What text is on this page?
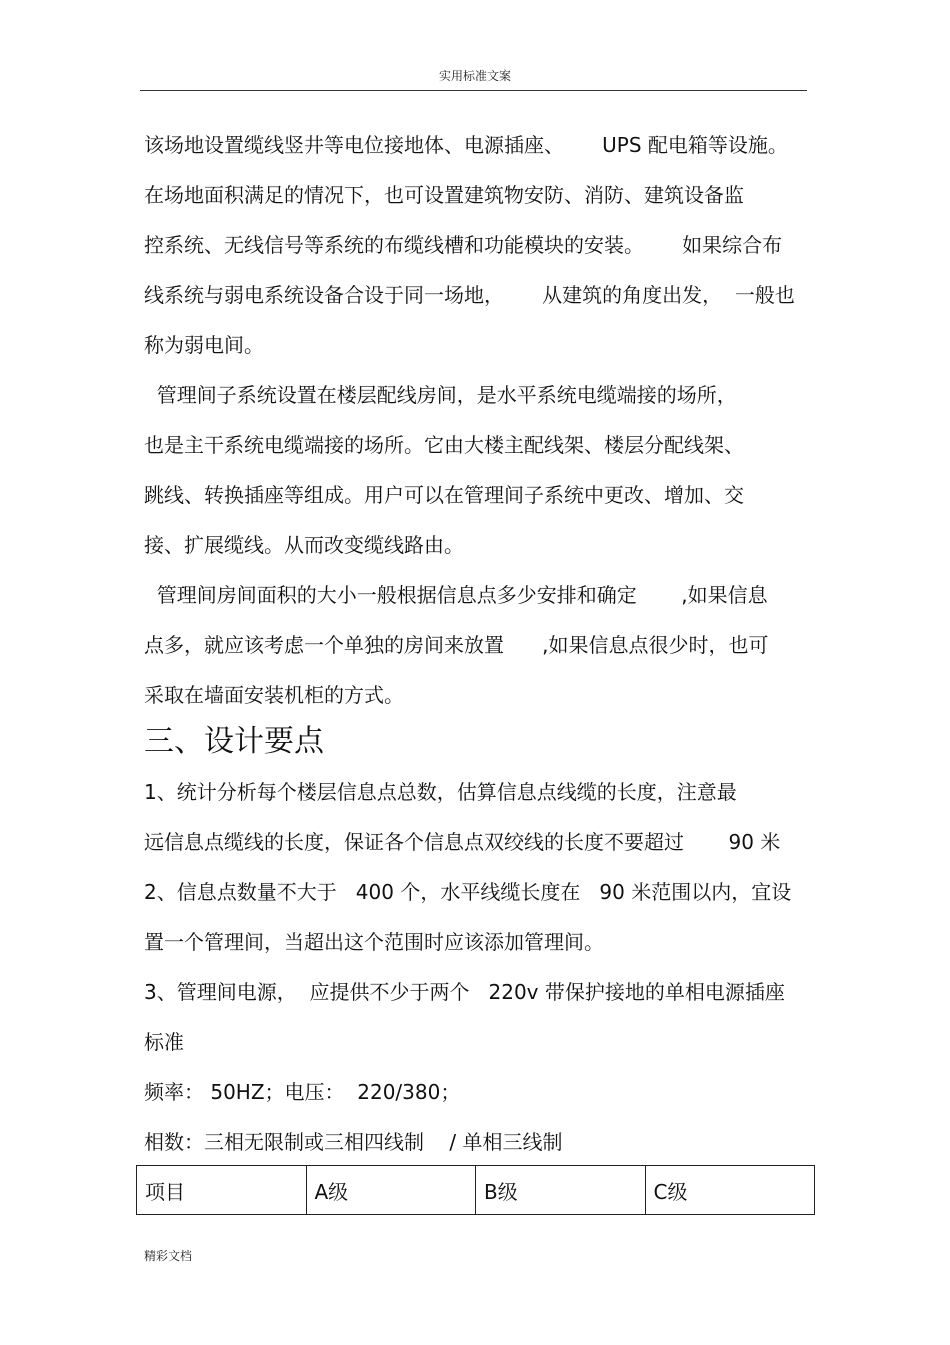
实用标准文案
该场地设置缆线竖井等电位接地体、电源插座、      UPS 配电箱等设施。
在场地面积满足的情况下，也可设置建筑物安防、消防、建筑设备监
控系统、无线信号等系统的布缆线槽和功能模块的安装。      如果综合布
线系统与弱电系统设备合设于同一场地，      从建筑的角度出发，  一般也
称为弱电间。
管理间子系统设置在楼层配线房间，是水平系统电缆端接的场所，
也是主干系统电缆端接的场所。它由大楼主配线架、楼层分配线架、
跳线、转换插座等组成。用户可以在管理间子系统中更改、增加、交
接、扩展缆线。从而改变缆线路由。
管理间房间面积的大小一般根据信息点多少安排和确定       ,如果信息
点多，就应该考虑一个单独的房间来放置      ,如果信息点很少时，也可
采取在墙面安装机柜的方式。
三、设计要点
1、统计分析每个楼层信息点总数，估算信息点线缆的长度，注意最
远信息点缆线的长度，保证各个信息点双绞线的长度不要超过       90 米
2、信息点数量不大于   400 个，水平线缆长度在   90 米范围以内，宜设
置一个管理间，当超出这个范围时应该添加管理间。
3、管理间电源，  应提供不少于两个   220v 带保护接地的单相电源插座
标准
频率： 50HZ；电压：  220/380；
相数：三相无限制或三相四线制    / 单相三线制
项目	A级	B级	C级
精彩文档
